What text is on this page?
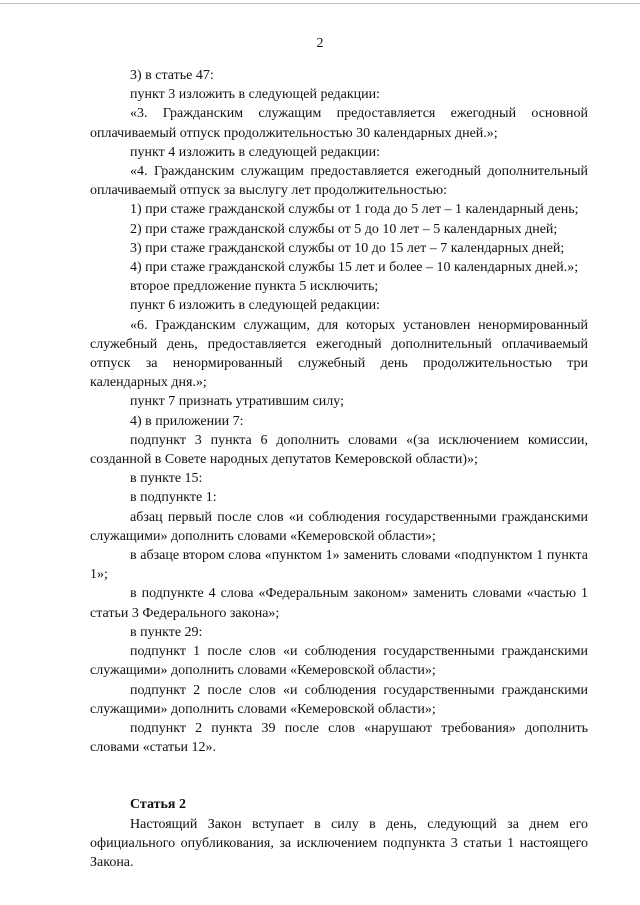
2

3) в статье 47:

пункт 3 изложить в следующей редакции:

«3. Гражданским служащим предоставляется ежегодный основной оплачиваемый отпуск продолжительностью 30 календарных дней.»;

пункт 4 изложить в следующей редакции:

«4. Гражданским служащим предоставляется ежегодный дополнительный оплачиваемый отпуск за выслугу лет продолжительностью:

1) при стаже гражданской службы от 1 года до 5 лет – 1 календарный день;

2) при стаже гражданской службы от 5 до 10 лет – 5 календарных дней;

3) при стаже гражданской службы от 10 до 15 лет – 7 календарных дней;

4) при стаже гражданской службы 15 лет и более – 10 календарных дней.»;

второе предложение пункта 5 исключить;

пункт 6 изложить в следующей редакции:

«6. Гражданским служащим, для которых установлен ненормированный служебный день, предоставляется ежегодный дополнительный оплачиваемый отпуск за ненормированный служебный день продолжительностью три календарных дня.»;

пункт 7 признать утратившим силу;

4) в приложении 7:

подпункт 3 пункта 6 дополнить словами «(за исключением комиссии, созданной в Совете народных депутатов Кемеровской области)»;

в пункте 15:

в подпункте 1:

абзац первый после слов «и соблюдения государственными гражданскими служащими» дополнить словами «Кемеровской области»;

в абзаце втором слова «пунктом 1» заменить словами «подпунктом 1 пункта 1»;

в подпункте 4 слова «Федеральным законом» заменить словами «частью 1 статьи 3 Федерального закона»;

в пункте 29:

подпункт 1 после слов «и соблюдения государственными гражданскими служащими» дополнить словами «Кемеровской области»;

подпункт 2 после слов «и соблюдения государственными гражданскими служащими» дополнить словами «Кемеровской области»;

подпункт 2 пункта 39 после слов «нарушают требования» дополнить словами «статьи 12».

Статья 2

Настоящий Закон вступает в силу в день, следующий за днем его официального опубликования, за исключением подпункта 3 статьи 1 настоящего Закона.
